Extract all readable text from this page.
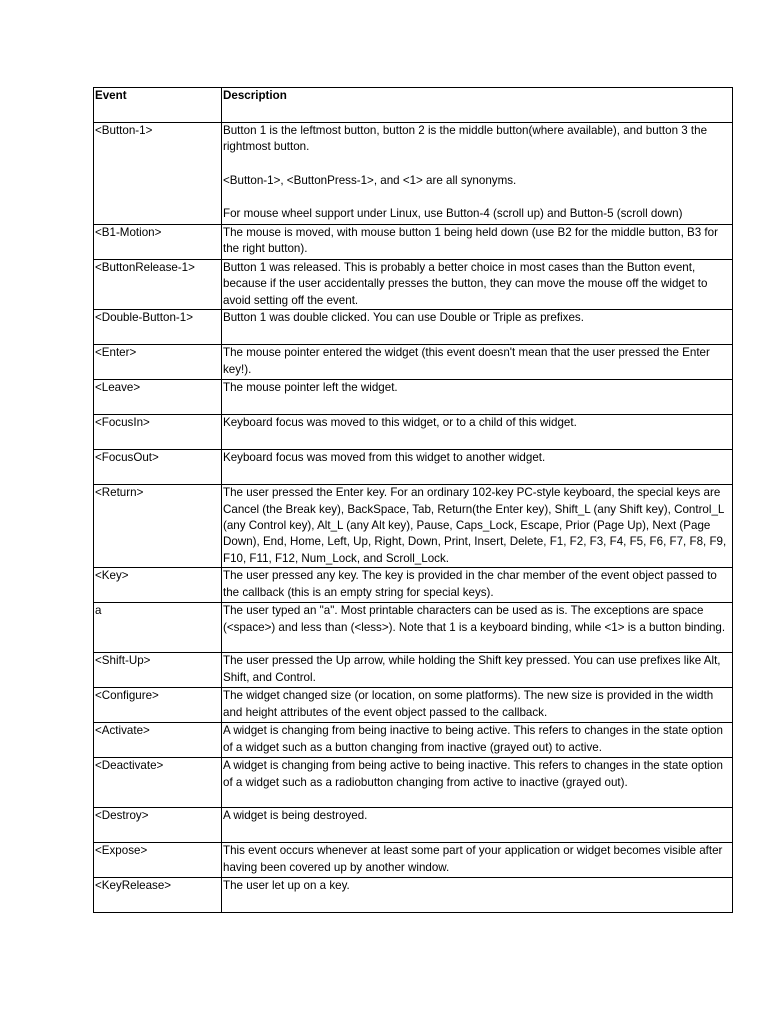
Event	Description
<Button-1>	Button 1 is the leftmost button, button 2 is the middle button(where available), and button 3 the rightmost button.

<Button-1>, <ButtonPress-1>, and <1> are all synonyms.

For mouse wheel support under Linux, use Button-4 (scroll up) and Button-5 (scroll down)

<B1-Motion>	The mouse is moved, with mouse button 1 being held down (use B2 for the middle button, B3 for the right button).

<ButtonRelease-1>	Button 1 was released. This is probably a better choice in most cases than the Button event, because if the user accidentally presses the button, they can move the mouse off the widget to avoid setting off the event.

<Double-Button-1>	Button 1 was double clicked. You can use Double or Triple as prefixes.

<Enter>	The mouse pointer entered the widget (this event doesn't mean that the user pressed the Enter key!).

<Leave>	The mouse pointer left the widget.

<FocusIn>	Keyboard focus was moved to this widget, or to a child of this widget.

<FocusOut>	Keyboard focus was moved from this widget to another widget.

<Return>	The user pressed the Enter key. For an ordinary 102-key PC-style keyboard, the special keys are Cancel (the Break key), BackSpace, Tab, Return(the Enter key), Shift_L (any Shift key), Control_L (any Control key), Alt_L (any Alt key), Pause, Caps_Lock, Escape, Prior (Page Up), Next (Page Down), End, Home, Left, Up, Right, Down, Print, Insert, Delete, F1, F2, F3, F4, F5, F6, F7, F8, F9, F10, F11, F12, Num_Lock, and Scroll_Lock.

<Key>	The user pressed any key. The key is provided in the char member of the event object passed to the callback (this is an empty string for special keys).

a	The user typed an "a". Most printable characters can be used as is. The exceptions are space (<space>) and less than (<less>). Note that 1 is a keyboard binding, while <1> is a button binding.

<Shift-Up>	The user pressed the Up arrow, while holding the Shift key pressed. You can use prefixes like Alt, Shift, and Control.

<Configure>	The widget changed size (or location, on some platforms). The new size is provided in the width and height attributes of the event object passed to the callback.

<Activate>	A widget is changing from being inactive to being active. This refers to changes in the state option of a widget such as a button changing from inactive (grayed out) to active.

<Deactivate>	A widget is changing from being active to being inactive. This refers to changes in the state option of a widget such as a radiobutton changing from active to inactive (grayed out).

<Destroy>	A widget is being destroyed.

<Expose>	This event occurs whenever at least some part of your application or widget becomes visible after having been covered up by another window.

<KeyRelease>	The user let up on a key.
